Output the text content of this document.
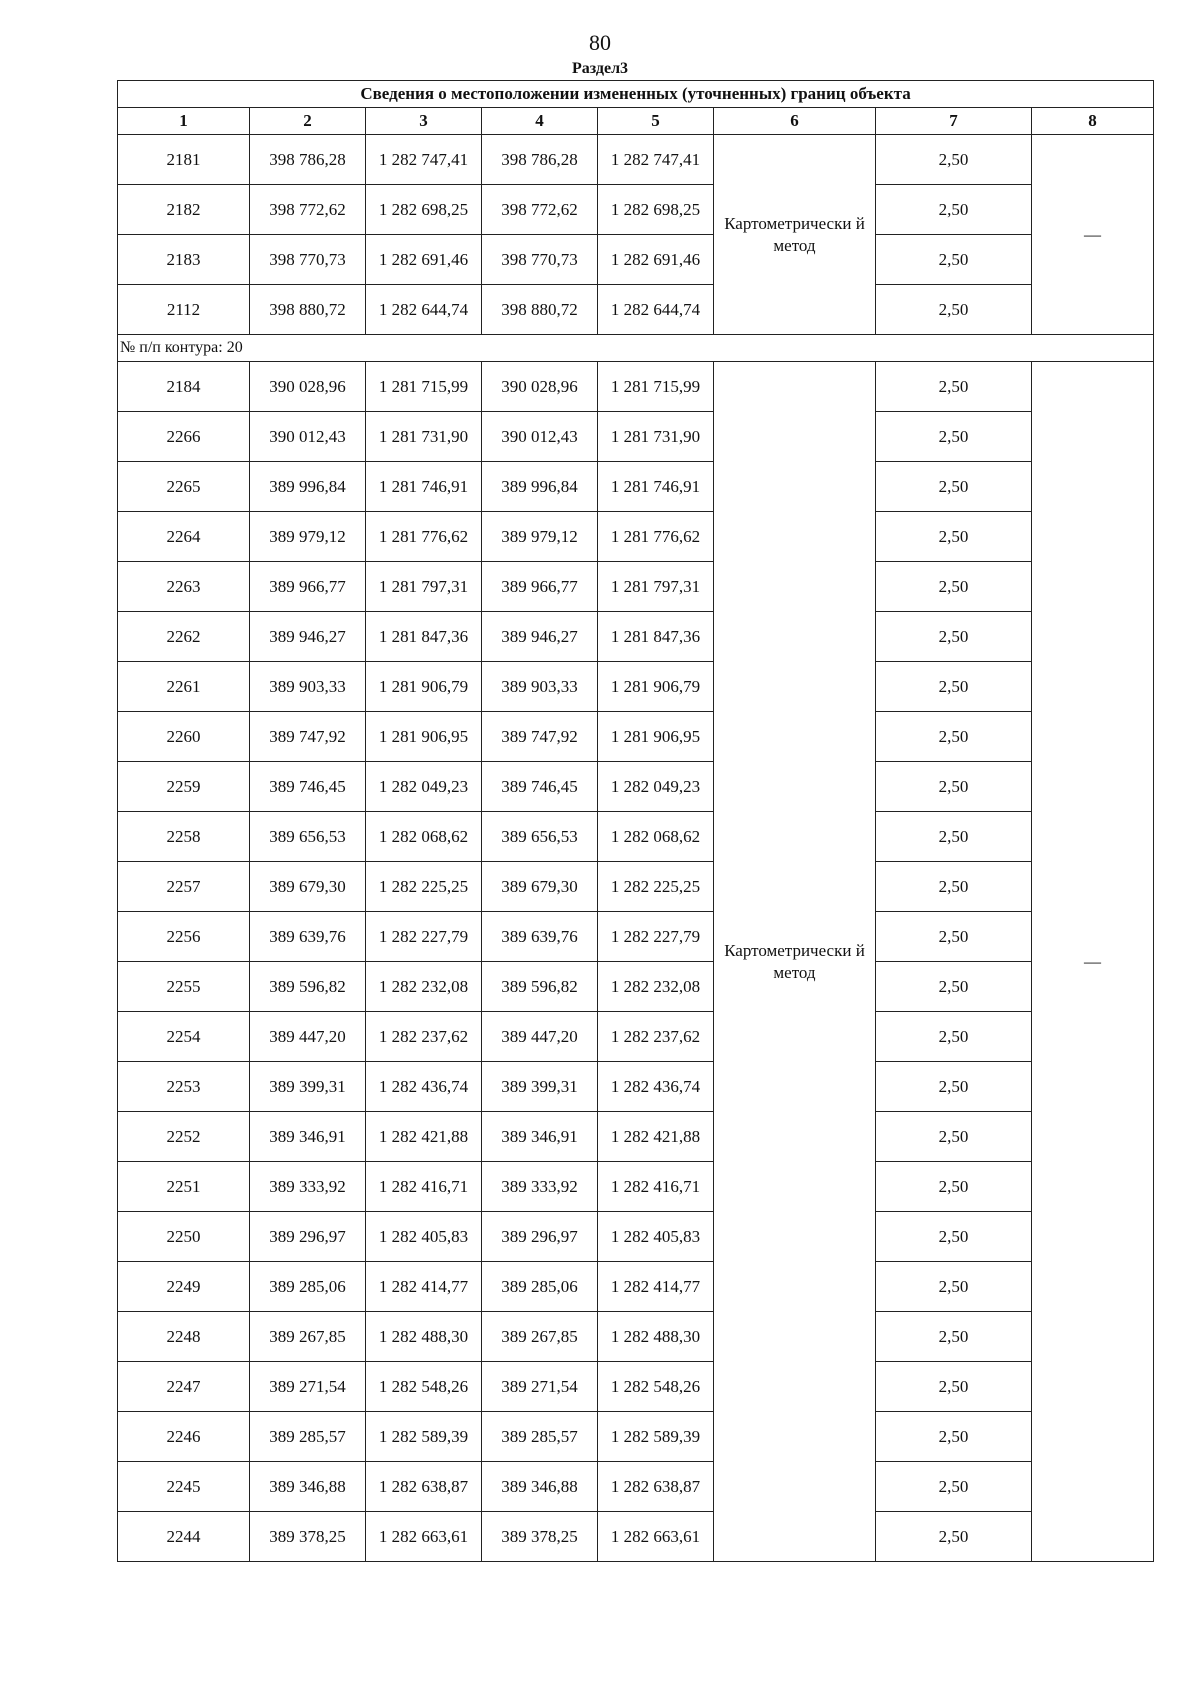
80
Раздел3
Сведения о местоположении измененных (уточненных) границ объекта							
1	2	3	4	5	6	7	8
2181	398 786,28	1 282 747,41	398 786,28	1 282 747,41	Картометрически й метод	2,50	—
2182	398 772,62	1 282 698,25	398 772,62	1 282 698,25		2,50	
2183	398 770,73	1 282 691,46	398 770,73	1 282 691,46		2,50	
2112	398 880,72	1 282 644,74	398 880,72	1 282 644,74		2,50	
№ п/п контура: 20							
2184	390 028,96	1 281 715,99	390 028,96	1 281 715,99	Картометрически й метод	2,50	—
2266	390 012,43	1 281 731,90	390 012,43	1 281 731,90		2,50	
2265	389 996,84	1 281 746,91	389 996,84	1 281 746,91		2,50	
2264	389 979,12	1 281 776,62	389 979,12	1 281 776,62		2,50	
2263	389 966,77	1 281 797,31	389 966,77	1 281 797,31		2,50	
2262	389 946,27	1 281 847,36	389 946,27	1 281 847,36		2,50	
2261	389 903,33	1 281 906,79	389 903,33	1 281 906,79		2,50	
2260	389 747,92	1 281 906,95	389 747,92	1 281 906,95		2,50	
2259	389 746,45	1 282 049,23	389 746,45	1 282 049,23		2,50	
2258	389 656,53	1 282 068,62	389 656,53	1 282 068,62		2,50	
2257	389 679,30	1 282 225,25	389 679,30	1 282 225,25		2,50	
2256	389 639,76	1 282 227,79	389 639,76	1 282 227,79		2,50	
2255	389 596,82	1 282 232,08	389 596,82	1 282 232,08		2,50	
2254	389 447,20	1 282 237,62	389 447,20	1 282 237,62		2,50	
2253	389 399,31	1 282 436,74	389 399,31	1 282 436,74		2,50	
2252	389 346,91	1 282 421,88	389 346,91	1 282 421,88		2,50	
2251	389 333,92	1 282 416,71	389 333,92	1 282 416,71		2,50	
2250	389 296,97	1 282 405,83	389 296,97	1 282 405,83		2,50	
2249	389 285,06	1 282 414,77	389 285,06	1 282 414,77		2,50	
2248	389 267,85	1 282 488,30	389 267,85	1 282 488,30		2,50	
2247	389 271,54	1 282 548,26	389 271,54	1 282 548,26		2,50	
2246	389 285,57	1 282 589,39	389 285,57	1 282 589,39		2,50	
2245	389 346,88	1 282 638,87	389 346,88	1 282 638,87		2,50	
2244	389 378,25	1 282 663,61	389 378,25	1 282 663,61		2,50	
